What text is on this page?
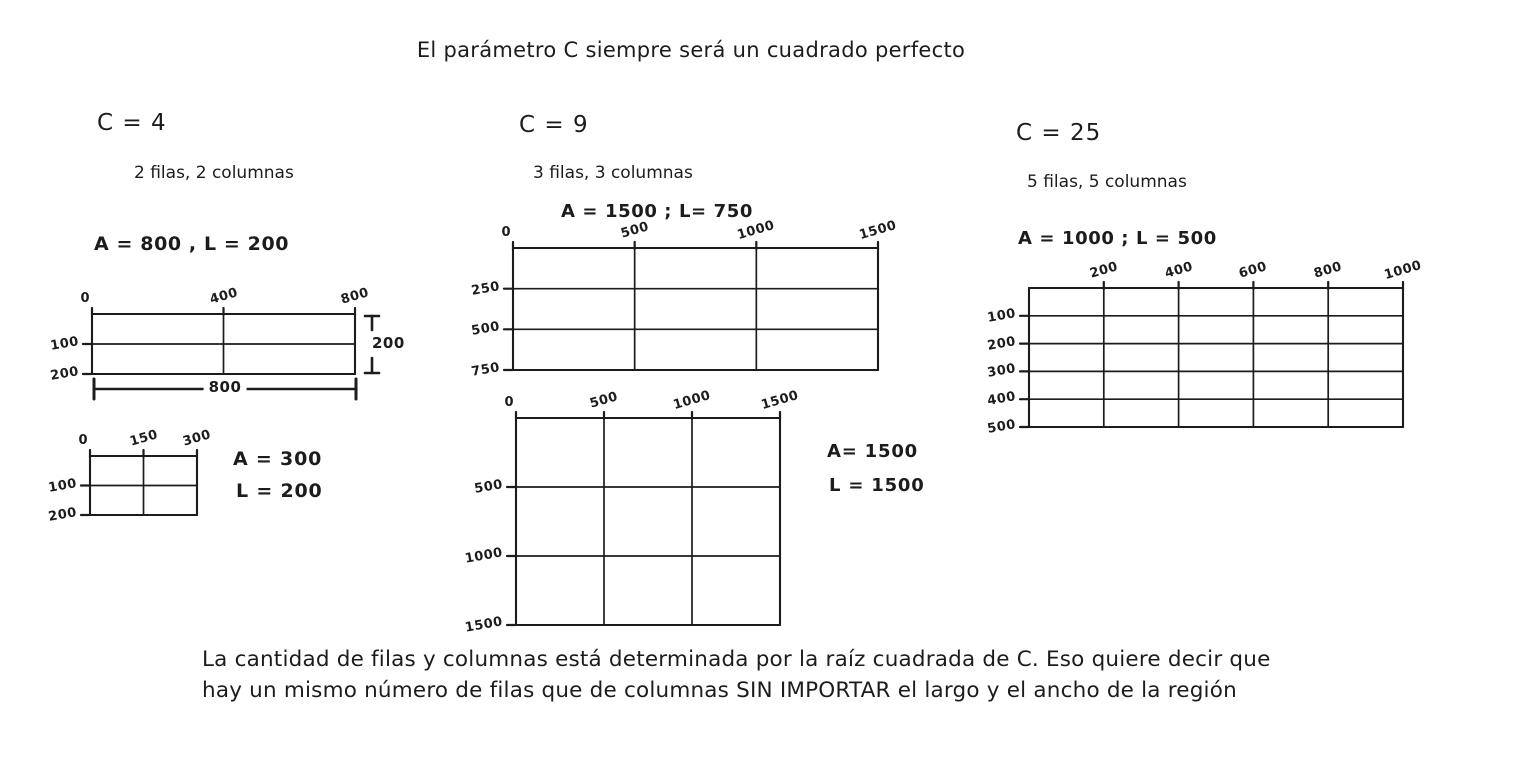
El parámetro C siempre será un cuadrado perfecto
C = 4
2 filas, 2 columnas
A = 800 , L = 200
0	400	800
100
200
200
800
0	150 300
100
200
A = 300
L = 200
C = 9
3 filas, 3 columnas
A = 1500 ; L= 750
0	500	1000	1500
250
500
750
0	500	1000	1500
500
1000
1500
A= 1500
L = 1500
C = 25
5 filas, 5 columnas
A = 1000 ; L = 500
200	400	600	800	1000
100
200
300
400
500
La cantidad de filas y columnas está determinada por la raíz cuadrada de C. Eso quiere decir que
hay un mismo número de filas que de columnas SIN IMPORTAR el largo y el ancho de la región
